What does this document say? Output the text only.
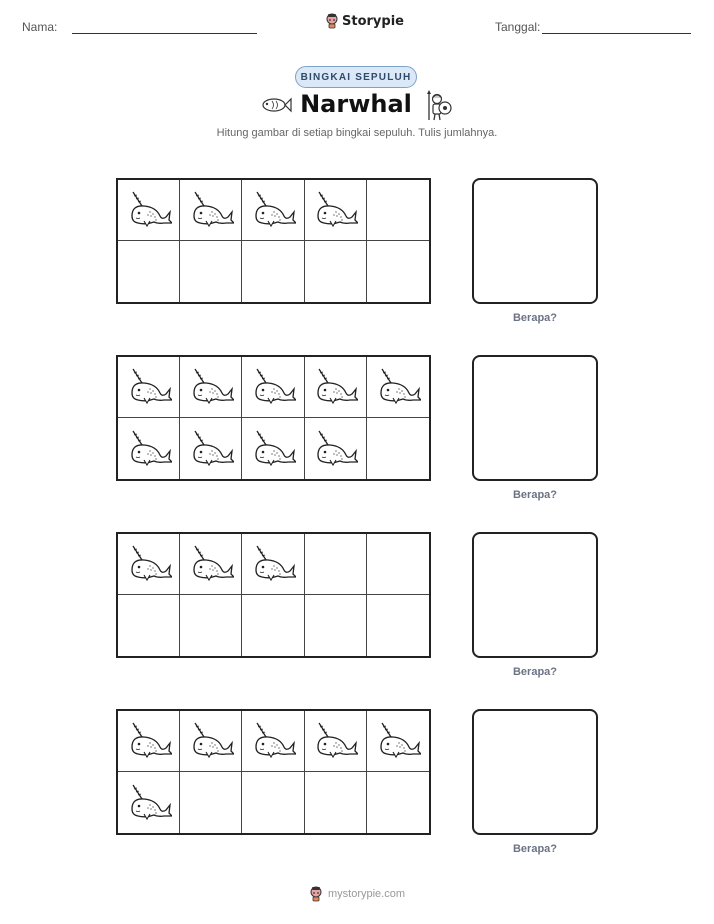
Nama:	Storypie	Tanggal:
BINGKAI SEPULUH
Narwhal
Hitung gambar di setiap bingkai sepuluh. Tulis jumlahnya.
Berapa?
Berapa?
Berapa?
Berapa?
mystorypie.com
